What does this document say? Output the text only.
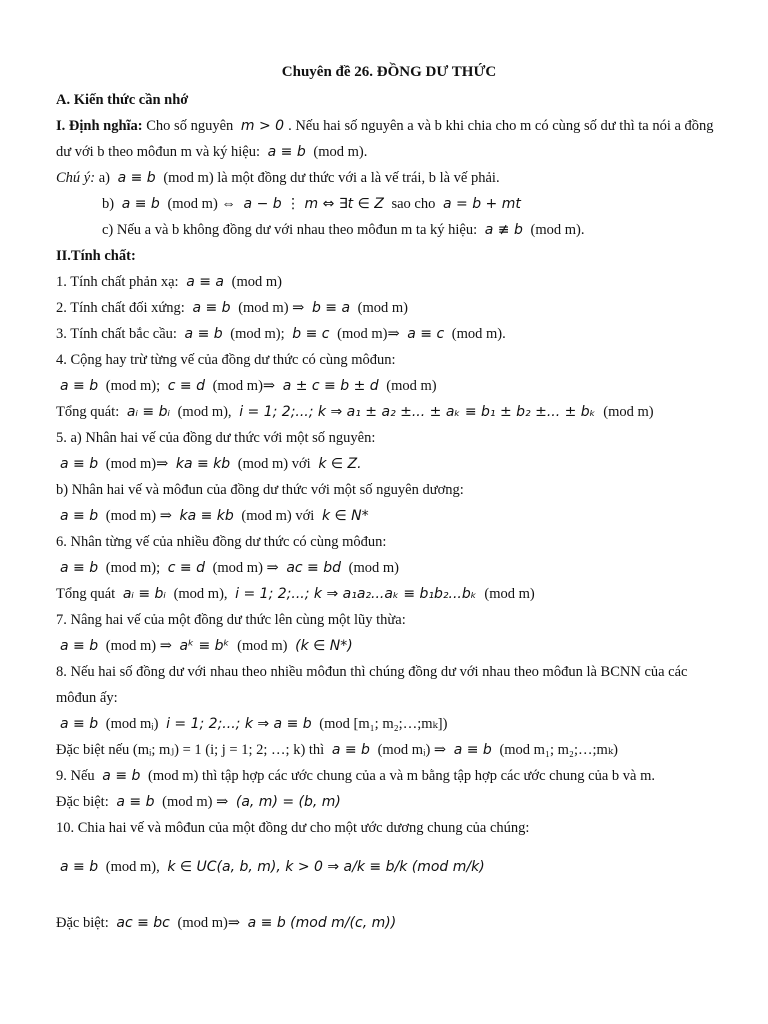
Chuyên đề 26. ĐỒNG DƯ THỨC
A. Kiến thức cần nhớ
I. Định nghĩa: Cho số nguyên m > 0 . Nếu hai số nguyên a và b khi chia cho m có cùng số dư thì ta nói a đồng dư với b theo môđun m và ký hiệu: a ≡ b (mod m).
Chú ý: a) a ≡ b (mod m) là một đồng dư thức với a là vế trái, b là vế phải.
b) a ≡ b (mod m) ⇔ a − b ⋮ m ⇔ ∃t ∈ Z sao cho a = b + mt
c) Nếu a và b không đồng dư với nhau theo môđun m ta ký hiệu: a ≢ b (mod m).
II.Tính chất:
1. Tính chất phản xạ: a ≡ a (mod m)
2. Tính chất đối xứng: a ≡ b (mod m) ⇒ b ≡ a (mod m)
3. Tính chất bắc cầu: a ≡ b (mod m); b ≡ c (mod m)⇒ a ≡ c (mod m).
4. Cộng hay trừ từng vế của đồng dư thức có cùng môđun:
a ≡ b (mod m); c ≡ d (mod m)⇒ a ± c ≡ b ± d (mod m)
Tổng quát: aᵢ ≡ bᵢ (mod m), i = 1; 2;...; k ⇒ a₁ ± a₂ ±... ± aₖ ≡ b₁ ± b₂ ±... ± bₖ (mod m)
5. a) Nhân hai vế của đồng dư thức với một số nguyên:
a ≡ b (mod m)⇒ ka ≡ kb (mod m) với k ∈ Z.
b) Nhân hai vế và môđun của đồng dư thức với một số nguyên dương:
a ≡ b (mod m) ⇒ ka ≡ kb (mod m) với k ∈ N*
6. Nhân từng vế của nhiều đồng dư thức có cùng môđun:
a ≡ b (mod m); c ≡ d (mod m) ⇒ ac ≡ bd (mod m)
Tổng quát aᵢ ≡ bᵢ (mod m), i = 1; 2;...; k ⇒ a₁a₂...aₖ ≡ b₁b₂...bₖ (mod m)
7. Nâng hai vế của một đồng dư thức lên cùng một lũy thừa:
a ≡ b (mod m) ⇒ aᵏ ≡ bᵏ (mod m) (k ∈ N*)
8. Nếu hai số đồng dư với nhau theo nhiều môđun thì chúng đồng dư với nhau theo môđun là BCNN của các môđun ấy:
a ≡ b (mod mᵢ) i = 1; 2;...; k ⇒ a ≡ b (mod [m₁; m₂;…;mₖ])
Đặc biệt nếu (mᵢ; mⱼ) = 1 (i; j = 1; 2; …; k) thì a ≡ b (mod mᵢ) ⇒ a ≡ b (mod m₁; m₂;…;mₖ)
9. Nếu a ≡ b (mod m) thì tập hợp các ước chung của a và m bằng tập hợp các ước chung của b và m.
Đặc biệt: a ≡ b (mod m) ⇒ (a, m) = (b, m)
10. Chia hai vế và môđun của một đồng dư cho một ước dương chung của chúng:
a ≡ b (mod m), k ∈ UC(a, b, m), k > 0 ⇒ a/k ≡ b/k (mod m/k)
Đặc biệt: ac ≡ bc (mod m)⇒ a ≡ b (mod m/(c, m))
